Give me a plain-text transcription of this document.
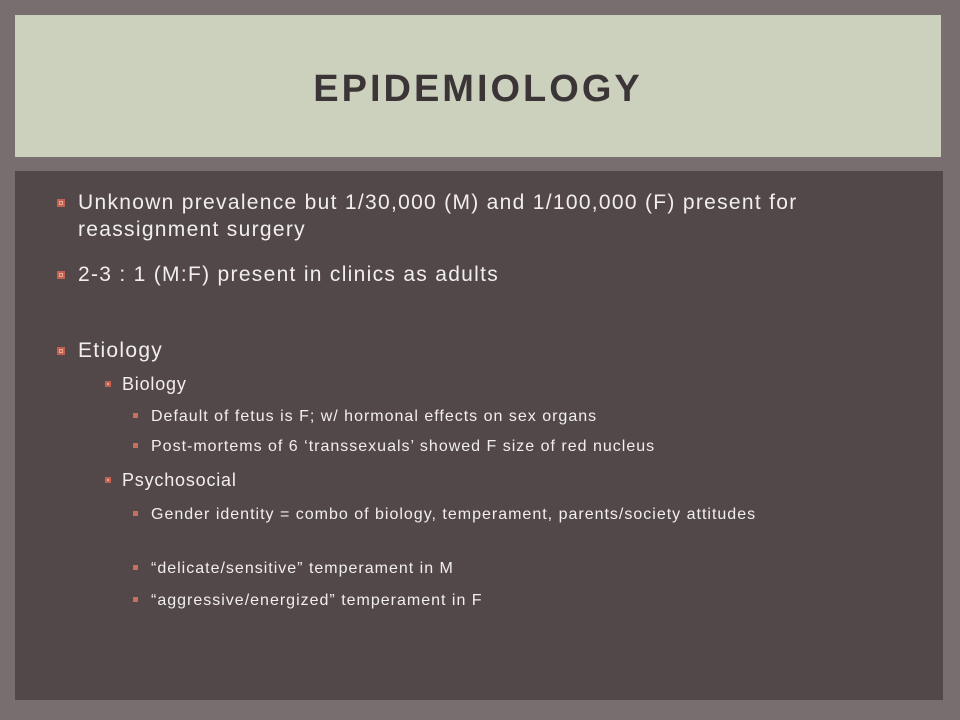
EPIDEMIOLOGY
Unknown prevalence but 1/30,000 (M) and 1/100,000 (F) present for reassignment surgery
2-3 : 1 (M:F) present in clinics as adults
Etiology
Biology
Default of fetus is F; w/ hormonal effects on sex organs
Post-mortems of 6 ‘transsexuals’ showed F size of red nucleus
Psychosocial
Gender identity = combo of biology, temperament, parents/society attitudes
“delicate/sensitive” temperament in M
“aggressive/energized” temperament in F
